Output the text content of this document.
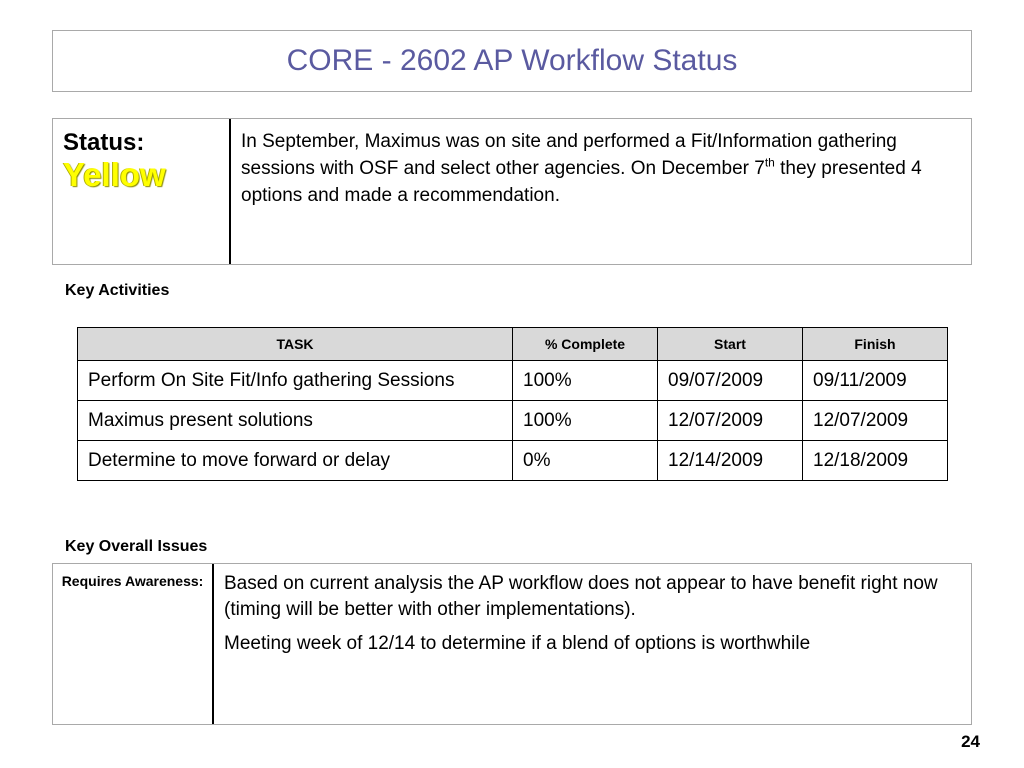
CORE - 2602 AP Workflow Status
Status:
Yellow
In September, Maximus was on site and performed a Fit/Information gathering sessions with OSF and select other agencies. On December 7th they presented 4 options and made a recommendation.
Key Activities
TASK	% Complete	Start	Finish
Perform On Site Fit/Info gathering Sessions	100%	09/07/2009	09/11/2009
Maximus present solutions	100%	12/07/2009	12/07/2009
Determine to move forward or delay	0%	12/14/2009	12/18/2009
Key Overall Issues
Requires Awareness:	Based on current analysis the AP workflow does not appear to have benefit right now (timing will be better with other implementations).

Meeting week of 12/14 to determine if a blend of options is worthwhile

24
